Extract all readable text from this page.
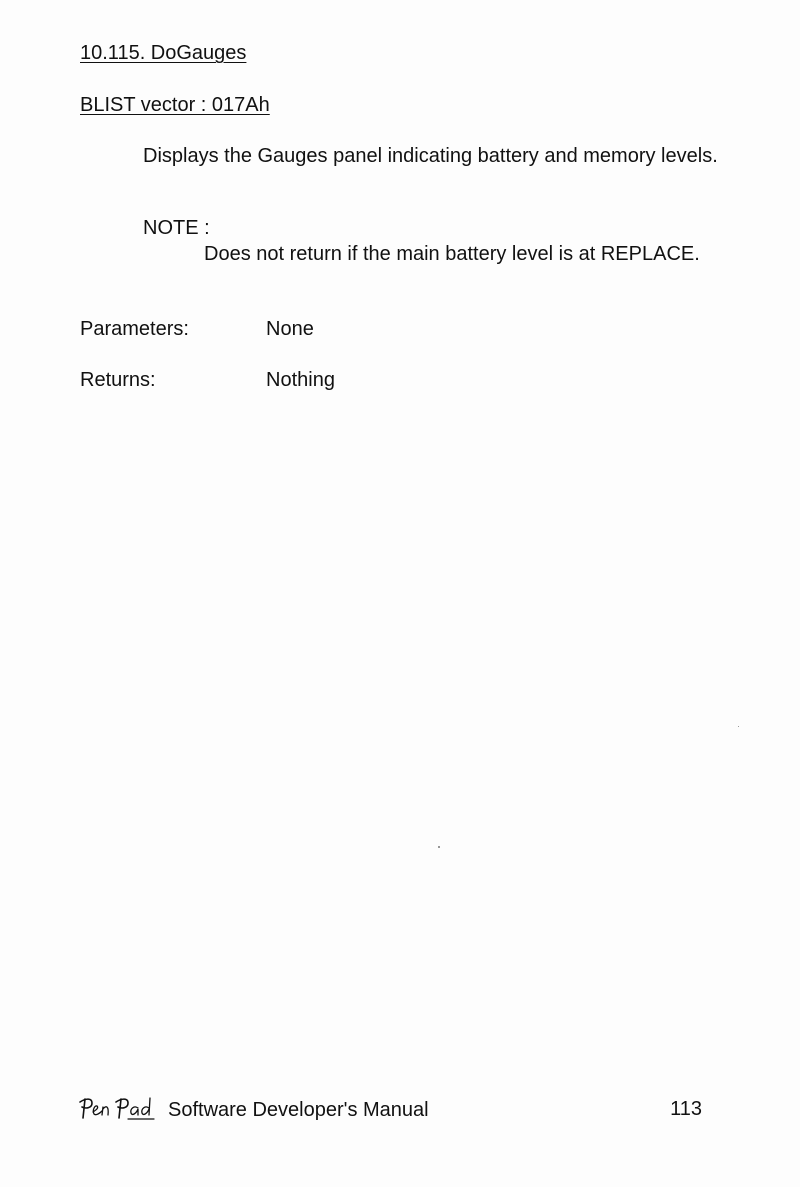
10.115. DoGauges
BLIST vector : 017Ah
Displays the Gauges panel indicating battery and memory levels.
NOTE :
Does not return if the main battery level is at REPLACE.
Parameters:	None
Returns:	Nothing
Software Developer's Manual	113
